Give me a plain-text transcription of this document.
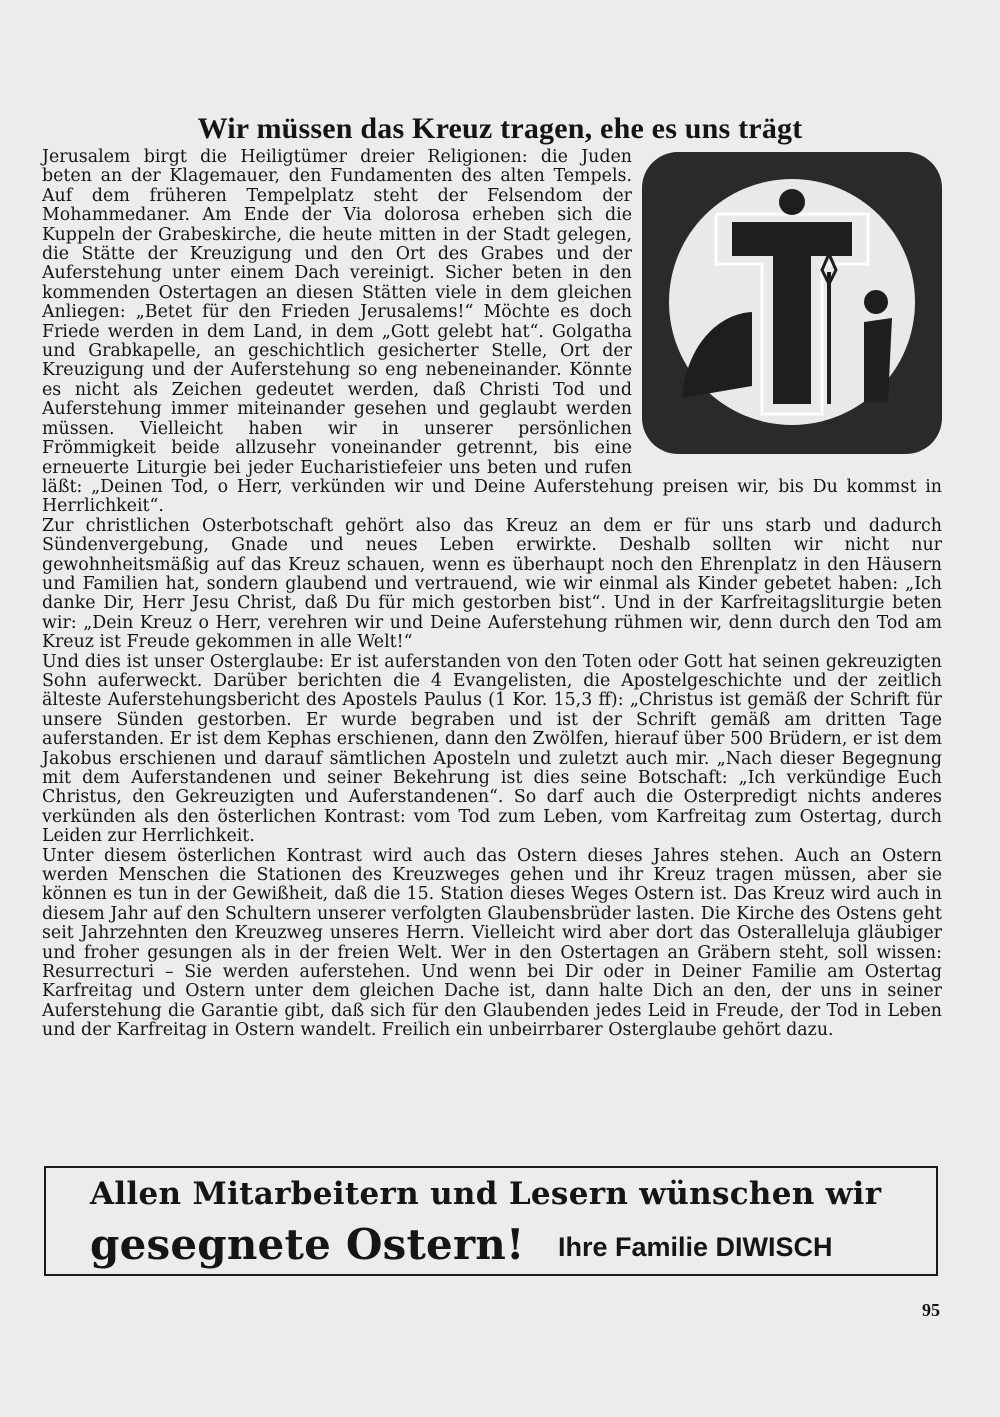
Wir müssen das Kreuz tragen, ehe es uns trägt

Jerusalem birgt die Heiligtümer dreier Religionen: die Juden beten an der Klagemauer, den Fundamenten des alten Tempels. Auf dem früheren Tempelplatz steht der Felsendom der Mohammedaner. Am Ende der Via dolorosa erheben sich die Kuppeln der Grabeskirche, die heute mitten in der Stadt gelegen, die Stätte der Kreuzigung und den Ort des Grabes und der Auferstehung unter einem Dach vereinigt. Sicher beten in den kommenden Ostertagen an diesen Stätten viele in dem gleichen Anliegen: „Betet für den Frieden Jerusalems!“ Möchte es doch Friede werden in dem Land, in dem „Gott gelebt hat“. Golgatha und Grabkapelle, an geschichtlich gesicherter Stelle, Ort der Kreuzigung und der Auferstehung so eng nebeneinander. Könnte es nicht als Zeichen gedeutet werden, daß Christi Tod und Auferstehung immer miteinander gesehen und geglaubt werden müssen. Vielleicht haben wir in unserer persönlichen Frömmigkeit beide allzusehr voneinander getrennt, bis eine erneuerte Liturgie bei jeder Eucharistiefeier uns beten und rufen läßt: „Deinen Tod, o Herr, verkünden wir und Deine Auferstehung preisen wir, bis Du kommst in Herrlichkeit“.

Zur christlichen Osterbotschaft gehört also das Kreuz an dem er für uns starb und dadurch Sündenvergebung, Gnade und neues Leben erwirkte. Deshalb sollten wir nicht nur gewohnheitsmäßig auf das Kreuz schauen, wenn es überhaupt noch den Ehrenplatz in den Häusern und Familien hat, sondern glaubend und vertrauend, wie wir einmal als Kinder gebetet haben: „Ich danke Dir, Herr Jesu Christ, daß Du für mich gestorben bist“. Und in der Karfreitagsliturgie beten wir: „Dein Kreuz o Herr, verehren wir und Deine Auferstehung rühmen wir, denn durch den Tod am Kreuz ist Freude gekommen in alle Welt!“

Und dies ist unser Osterglaube: Er ist auferstanden von den Toten oder Gott hat seinen gekreuzigten Sohn auferweckt. Darüber berichten die 4 Evangelisten, die Apostelgeschichte und der zeitlich älteste Auferstehungsbericht des Apostels Paulus (1 Kor. 15,3 ff): „Christus ist gemäß der Schrift für unsere Sünden gestorben. Er wurde begraben und ist der Schrift gemäß am dritten Tage auferstanden. Er ist dem Kephas erschienen, dann den Zwölfen, hierauf über 500 Brüdern, er ist dem Jakobus erschienen und darauf sämtlichen Aposteln und zuletzt auch mir. „Nach dieser Begegnung mit dem Auferstandenen und seiner Bekehrung ist dies seine Botschaft: „Ich verkündige Euch Christus, den Gekreuzigten und Auferstandenen“. So darf auch die Osterpredigt nichts anderes verkünden als den österlichen Kontrast: vom Tod zum Leben, vom Karfreitag zum Ostertag, durch Leiden zur Herrlichkeit.

Unter diesem österlichen Kontrast wird auch das Ostern dieses Jahres stehen. Auch an Ostern werden Menschen die Stationen des Kreuzweges gehen und ihr Kreuz tragen müssen, aber sie können es tun in der Gewißheit, daß die 15. Station dieses Weges Ostern ist. Das Kreuz wird auch in diesem Jahr auf den Schultern unserer verfolgten Glaubensbrüder lasten. Die Kirche des Ostens geht seit Jahrzehnten den Kreuzweg unseres Herrn. Vielleicht wird aber dort das Osteralleluja gläubiger und froher gesungen als in der freien Welt. Wer in den Ostertagen an Gräbern steht, soll wissen: Resurrecturi – Sie werden auferstehen. Und wenn bei Dir oder in Deiner Familie am Ostertag Karfreitag und Ostern unter dem gleichen Dache ist, dann halte Dich an den, der uns in seiner Auferstehung die Garantie gibt, daß sich für den Glaubenden jedes Leid in Freude, der Tod in Leben und der Karfreitag in Ostern wandelt. Freilich ein unbeirrbarer Osterglaube gehört dazu.

Allen Mitarbeitern und Lesern wünschen wir
gesegnete Ostern! Ihre Familie DIWISCH
95
